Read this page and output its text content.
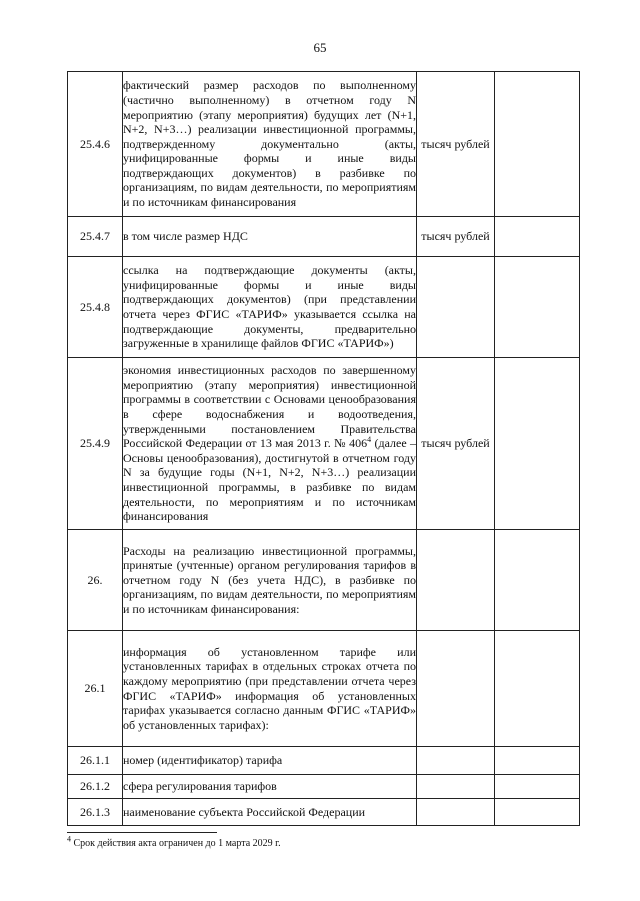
65
25.4.6	фактический размер расходов по выполненному (частично выполненному) в отчетном году N мероприятию (этапу мероприятия) будущих лет (N+1, N+2, N+3…) реализации инвестиционной программы, подтвержденному документально (акты, унифицированные формы и иные виды подтверждающих документов) в разбивке по организациям, по видам деятельности, по мероприятиям и по источникам финансирования	тысяч рублей	
25.4.7	в том числе размер НДС	тысяч рублей	
25.4.8	ссылка на подтверждающие документы (акты, унифицированные формы и иные виды подтверждающих документов) (при представлении отчета через ФГИС «ТАРИФ» указывается ссылка на подтверждающие документы, предварительно загруженные в хранилище файлов ФГИС «ТАРИФ»)		

25.4.9	экономия инвестиционных расходов по завершенному мероприятию (этапу мероприятия) инвестиционной программы в соответствии с Основами ценообразования в сфере водоснабжения и водоотведения, утвержденными постановлением Правительства Российской Федерации от 13 мая 2013 г. № $406^4$ (далее – Основы ценообразования), достигнутой в отчетном году N за будущие годы (N+1, N+2, N+3…) реализации инвестиционной программы, в разбивке по видам деятельности, по мероприятиям и по источникам финансирования	тысяч рублей	
26.	Расходы на реализацию инвестиционной программы, принятые (учтенные) органом регулирования тарифов в отчетном году N (без учета НДС), в разбивке по организациям, по видам деятельности, по мероприятиям и по источникам финансирования:		

26.1	информация об установленном тарифе или установленных тарифах в отдельных строках отчета по каждому мероприятию (при представлении отчета через ФГИС «ТАРИФ» информация об установленных тарифах указывается согласно данным ФГИС «ТАРИФ» об установленных тарифах):		

26.1.1	номер (идентификатор) тарифа		

26.1.2	сфера регулирования тарифов		

26.1.3	наименование субъекта Российской Федерации		

$^4$ Срок действия акта ограничен до 1 марта 2029 г.
